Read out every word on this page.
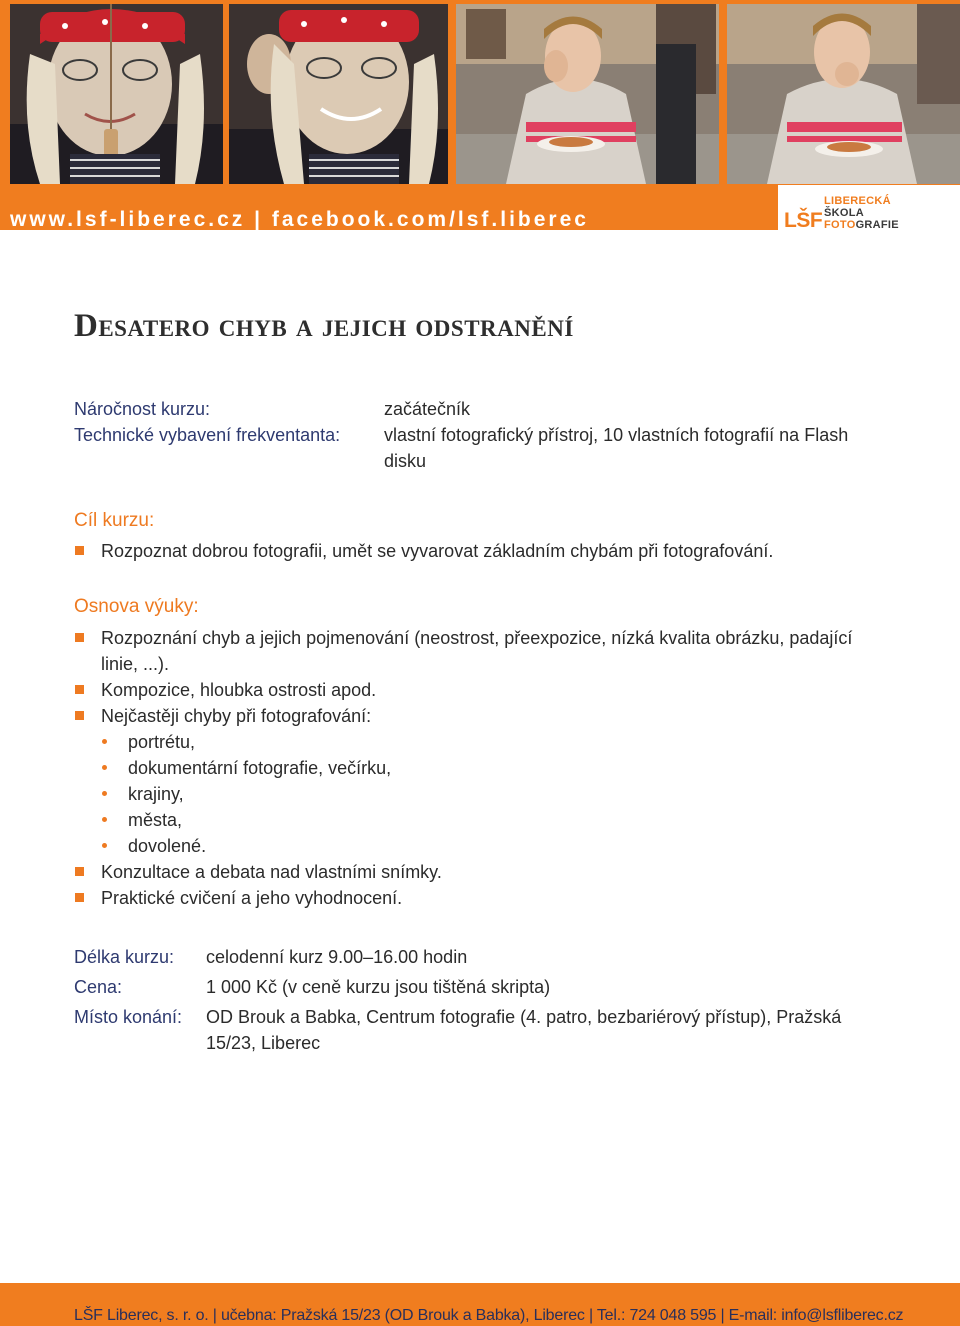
www.lsf-liberec.cz | facebook.com/lsf.liberec	LŠF
LIBERECKÁ
ŠKOLA
FOTOGRAFIE
Desatero chyb a jejich odstranění
Náročnost kurzu:	začátečník
Technické vybavení frekventanta:	vlastní fotografický přístroj, 10 vlastních fotografií na Flash disku
Cíl kurzu:
Rozpoznat dobrou fotografii, umět se vyvarovat základním chybám při fotografování.
Osnova výuky:
Rozpoznání chyb a jejich pojmenování (neostrost, přeexpozice, nízká kvalita obrázku, padající linie, ...).
Kompozice, hloubka ostrosti apod.
Nejčastěji chyby při fotografování:
portrétu,
dokumentární fotografie, večírku,
krajiny,
města,
dovolené.
Konzultace a debata nad vlastními snímky.
Praktické cvičení a jeho vyhodnocení.
Délka kurzu:	celodenní kurz 9.00–16.00 hodin
Cena:	1 000 Kč (v ceně kurzu jsou tištěná skripta)
Místo konání:	OD Brouk a Babka, Centrum fotografie (4. patro, bezbariérový přístup), Pražská 15/23, Liberec
LŠF Liberec, s. r. o. | učebna: Pražská 15/23 (OD Brouk a Babka), Liberec | Tel.: 724 048 595 | E-mail: info@lsfliberec.cz
